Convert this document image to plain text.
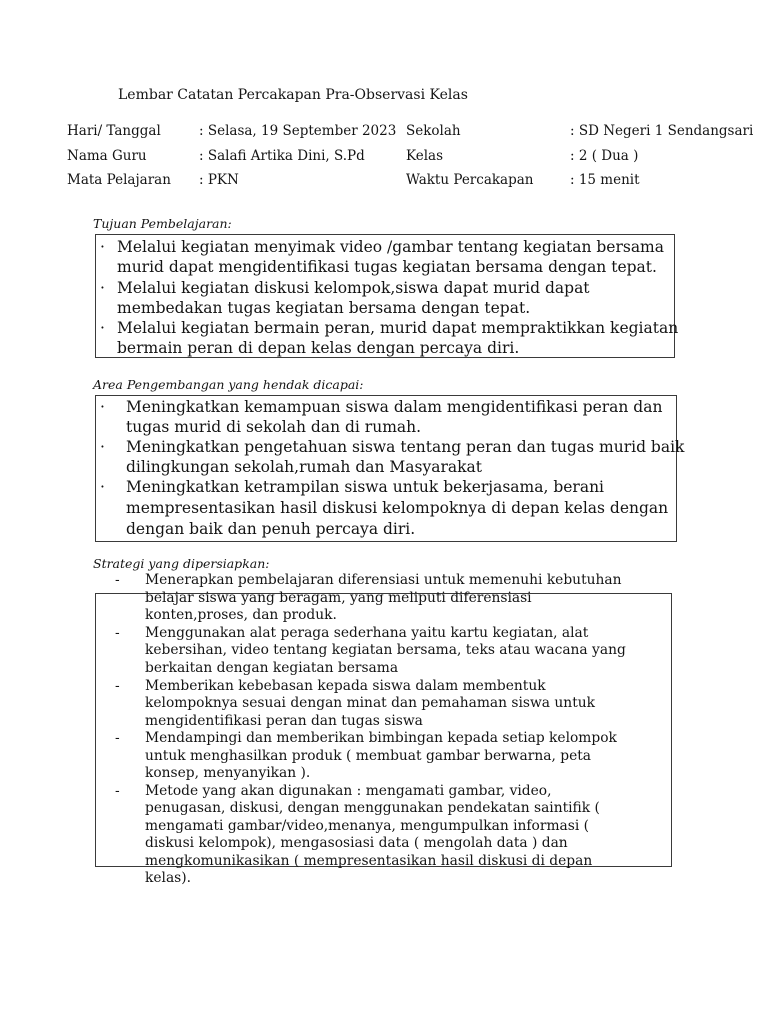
Lembar Catatan Percakapan Pra-Observasi Kelas
Hari/ Tanggal	: Selasa, 19 September 2023 Sekolah	: SD Negeri 1 Sendangsari
Nama Guru	: Salafi Artika Dini, S.Pd	Kelas	: 2 ( Dua )
Mata Pelajaran : PKN	Waktu Percakapan	: 15 menit
Tujuan Pembelajaran:
·
·
·
Melalui kegiatan menyimak video /gambar tentang kegiatan bersama
murid dapat mengidentifikasi tugas kegiatan bersama dengan tepat.
Melalui kegiatan diskusi kelompok,siswa dapat murid dapat
membedakan tugas kegiatan bersama dengan tepat.
Melalui kegiatan bermain peran, murid dapat mempraktikkan kegiatan
bermain peran di depan kelas dengan percaya diri.
Area Pengembangan yang hendak dicapai:
·
·
·
Meningkatkan kemampuan siswa dalam mengidentifikasi peran dan
tugas murid di sekolah dan di rumah.
Meningkatkan pengetahuan siswa tentang peran dan tugas murid baik
dilingkungan sekolah,rumah dan Masyarakat
Meningkatkan ketrampilan siswa untuk bekerjasama, berani
mempresentasikan hasil diskusi kelompoknya di depan kelas dengan
dengan baik dan penuh percaya diri.
Strategi yang dipersiapkan:
-
-
-
-
-
Menerapkan pembelajaran diferensiasi untuk memenuhi kebutuhan
belajar siswa yang beragam, yang meliputi diferensiasi
konten,proses, dan produk.
Menggunakan alat peraga sederhana yaitu kartu kegiatan, alat
kebersihan, video tentang kegiatan bersama, teks atau wacana yang
berkaitan dengan kegiatan bersama
Memberikan kebebasan kepada siswa dalam membentuk
kelompoknya sesuai dengan minat dan pemahaman siswa untuk
mengidentifikasi peran dan tugas siswa
Mendampingi dan memberikan bimbingan kepada setiap kelompok
untuk menghasilkan produk ( membuat gambar berwarna, peta
konsep, menyanyikan ).
Metode yang akan digunakan : mengamati gambar, video,
penugasan, diskusi, dengan menggunakan pendekatan saintifik (
mengamati gambar/video,menanya, mengumpulkan informasi (
diskusi kelompok), mengasosiasi data ( mengolah data ) dan
mengkomunikasikan ( mempresentasikan hasil diskusi di depan
kelas).
